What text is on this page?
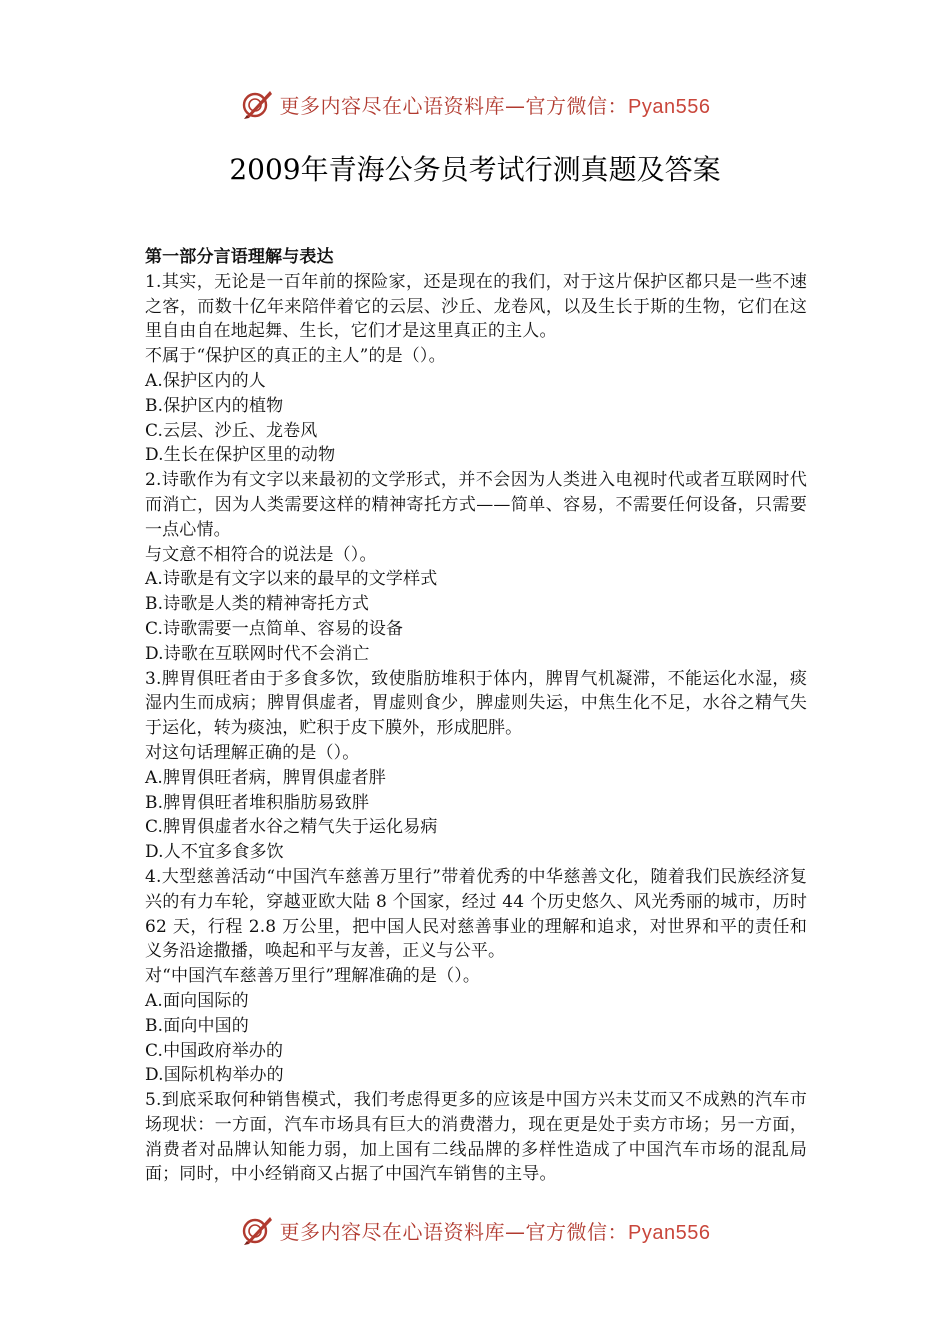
更多内容尽在心语资料库—官方微信：Pyan556
2009年青海公务员考试行测真题及答案

第一部分言语理解与表达

1.其实，无论是一百年前的探险家，还是现在的我们，对于这片保护区都只是一些不速之客，而数十亿年来陪伴着它的云层、沙丘、龙卷风，以及生长于斯的生物，它们在这里自由自在地起舞、生长，它们才是这里真正的主人。

不属于“保护区的真正的主人”的是（）。

A.保护区内的人

B.保护区内的植物

C.云层、沙丘、龙卷风

D.生长在保护区里的动物

2.诗歌作为有文字以来最初的文学形式，并不会因为人类进入电视时代或者互联网时代而消亡，因为人类需要这样的精神寄托方式——简单、容易，不需要任何设备，只需要一点心情。

与文意不相符合的说法是（）。

A.诗歌是有文字以来的最早的文学样式

B.诗歌是人类的精神寄托方式

C.诗歌需要一点简单、容易的设备

D.诗歌在互联网时代不会消亡

3.脾胃俱旺者由于多食多饮，致使脂肪堆积于体内，脾胃气机凝滞，不能运化水湿，痰湿内生而成病；脾胃俱虚者，胃虚则食少，脾虚则失运，中焦生化不足，水谷之精气失于运化，转为痰浊，贮积于皮下膜外，形成肥胖。

对这句话理解正确的是（）。

A.脾胃俱旺者病，脾胃俱虚者胖

B.脾胃俱旺者堆积脂肪易致胖

C.脾胃俱虚者水谷之精气失于运化易病

D.人不宜多食多饮

4.大型慈善活动“中国汽车慈善万里行”带着优秀的中华慈善文化，随着我们民族经济复兴的有力车轮，穿越亚欧大陆 8 个国家，经过 44 个历史悠久、风光秀丽的城市，历时 62 天，行程 2.8 万公里，把中国人民对慈善事业的理解和追求，对世界和平的责任和义务沿途撒播，唤起和平与友善，正义与公平。

对“中国汽车慈善万里行”理解准确的是（）。

A.面向国际的

B.面向中国的

C.中国政府举办的

D.国际机构举办的

5.到底采取何种销售模式，我们考虑得更多的应该是中国方兴未艾而又不成熟的汽车市场现状：一方面，汽车市场具有巨大的消费潜力，现在更是处于卖方市场；另一方面，消费者对品牌认知能力弱，加上国有二线品牌的多样性造成了中国汽车市场的混乱局面；同时，中小经销商又占据了中国汽车销售的主导。

更多内容尽在心语资料库—官方微信：Pyan556
